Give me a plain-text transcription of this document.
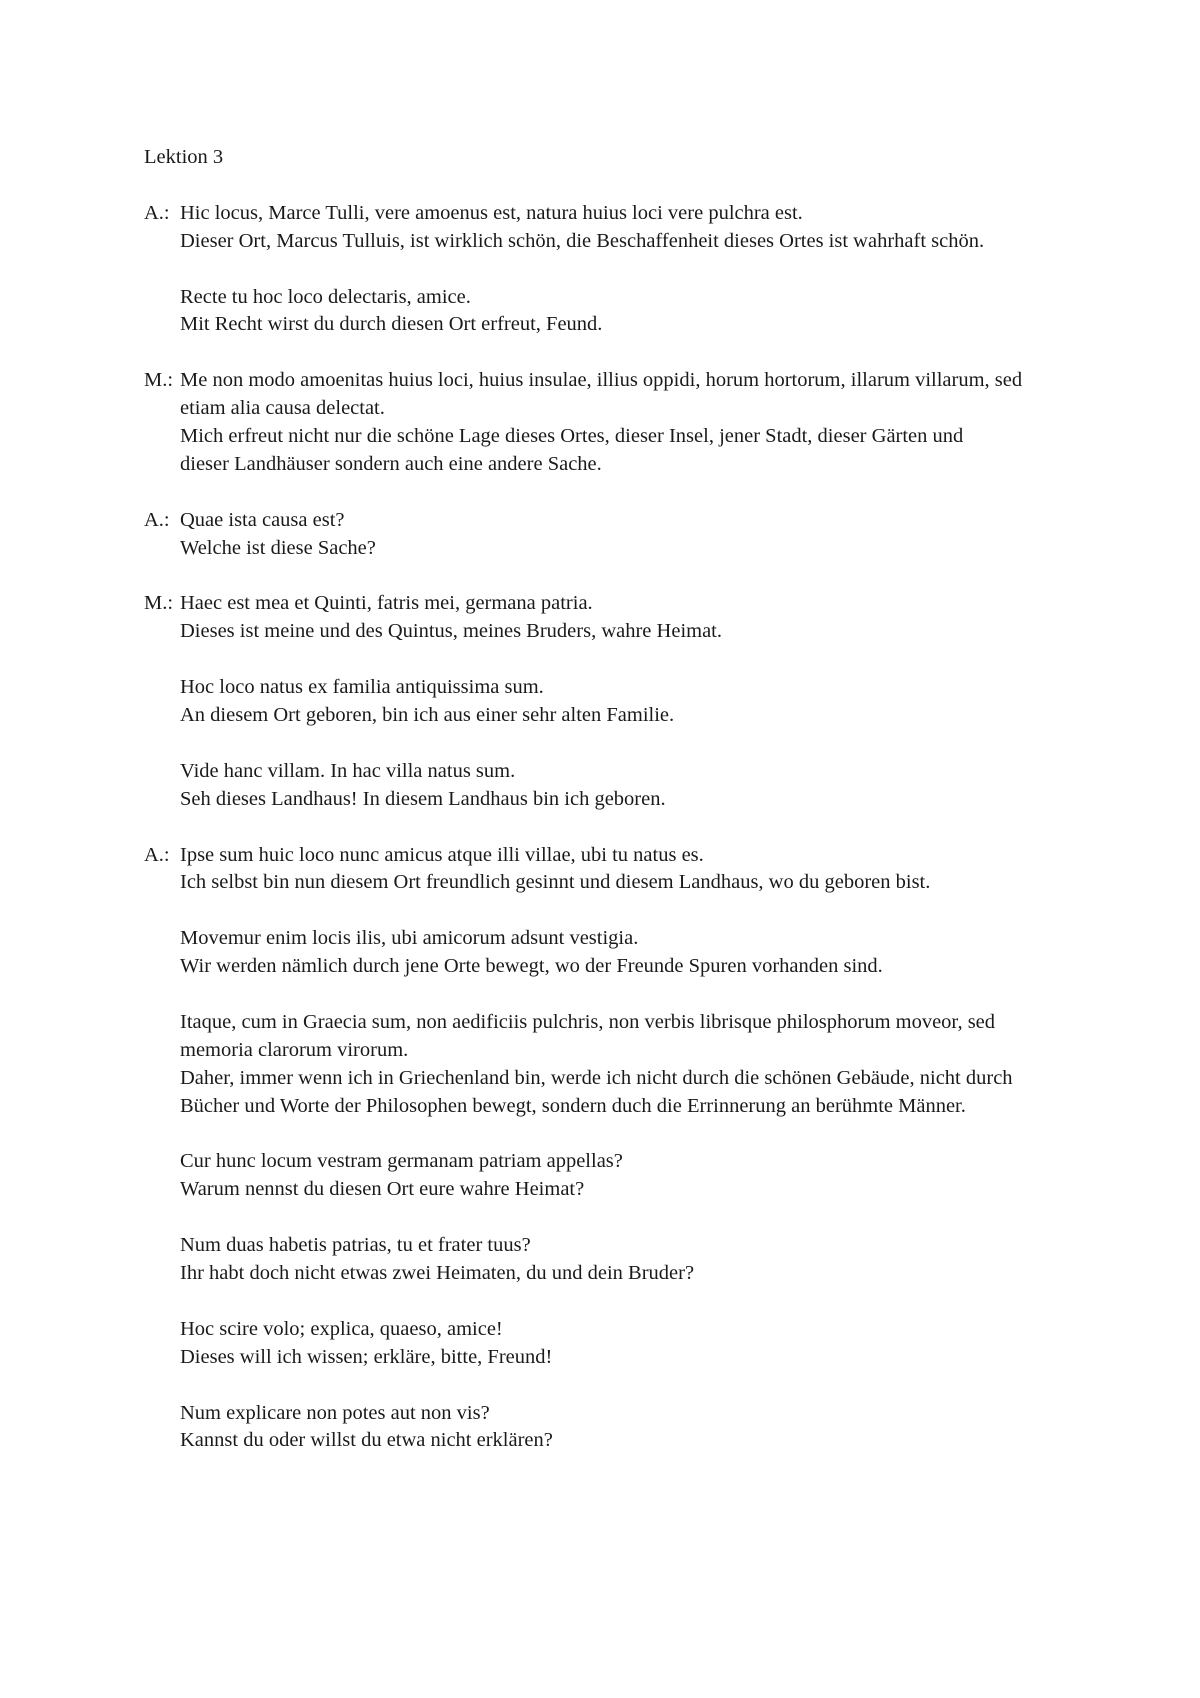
Lektion 3
A.: Hic locus, Marce Tulli, vere amoenus est, natura huius loci vere pulchra est.
Dieser Ort, Marcus Tulluis, ist wirklich schön, die Beschaffenheit dieses Ortes ist wahrhaft schön.
Recte tu hoc loco delectaris, amice.
Mit Recht wirst du durch diesen Ort erfreut, Feund.
M.: Me non modo amoenitas huius loci, huius insulae, illius oppidi, horum hortorum, illarum villarum, sed etiam alia causa delectat.
Mich erfreut nicht nur die schöne Lage dieses Ortes, dieser Insel, jener Stadt, dieser Gärten und dieser Landhäuser sondern auch eine andere Sache.
A.: Quae ista causa est?
Welche ist diese Sache?
M.: Haec est mea et Quinti, fatris mei, germana patria.
Dieses ist meine und des Quintus, meines Bruders, wahre Heimat.
Hoc loco natus ex familia antiquissima sum.
An diesem Ort geboren, bin ich aus einer sehr alten Familie.
Vide hanc villam. In hac villa natus sum.
Seh dieses Landhaus! In diesem Landhaus bin ich geboren.
A.: Ipse sum huic loco nunc amicus atque illi villae, ubi tu natus es.
Ich selbst bin nun diesem Ort freundlich gesinnt und diesem Landhaus, wo du geboren bist.
Movemur enim locis ilis, ubi amicorum adsunt vestigia.
Wir werden nämlich durch jene Orte bewegt, wo der Freunde Spuren vorhanden sind.
Itaque, cum in Graecia sum, non aedificiis pulchris, non verbis librisque philosphorum moveor, sed memoria clarorum virorum.
Daher, immer wenn ich in Griechenland bin, werde ich nicht durch die schönen Gebäude, nicht durch Bücher und Worte der Philosophen bewegt, sondern duch die Errinnerung an berühmte Männer.
Cur hunc locum vestram germanam patriam appellas?
Warum nennst du diesen Ort eure wahre Heimat?
Num duas habetis patrias, tu et frater tuus?
Ihr habt doch nicht etwas zwei Heimaten, du und dein Bruder?
Hoc scire volo; explica, quaeso, amice!
Dieses will ich wissen; erkläre, bitte, Freund!
Num explicare non potes aut non vis?
Kannst du oder willst du etwa nicht erklären?
